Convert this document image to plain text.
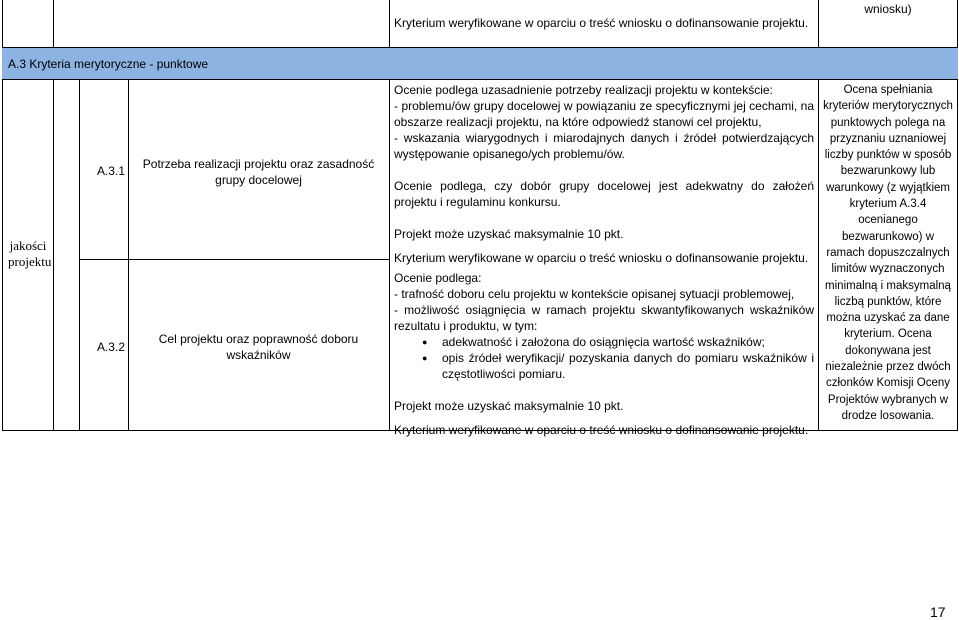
Kryterium weryfikowane w oparciu o treść wniosku o dofinansowanie projektu.
wniosku)
A.3 Kryteria merytoryczne - punktowe
jakości projektu
A.3.1	Potrzeba realizacji projektu oraz zasadność grupy docelowej
A.3.2
Cel projektu oraz poprawność doboru wskaźników
Ocenie podlega uzasadnienie potrzeby realizacji projektu w kontekście:
- problemu/ów grupy docelowej w powiązaniu ze specyficznymi jej cechami, na obszarze realizacji projektu, na które odpowiedź stanowi cel projektu,
- wskazania wiarygodnych i miarodajnych danych i źródeł potwierdzających występowanie opisanego/ych problemu/ów.
Ocenie podlega, czy dobór grupy docelowej jest adekwatny do założeń projektu i regulaminu konkursu.
Projekt może uzyskać maksymalnie 10 pkt.
Kryterium weryfikowane w oparciu o treść wniosku o dofinansowanie projektu.
Ocenie podlega:
- trafność doboru celu projektu w kontekście opisanej sytuacji problemowej,
- możliwość osiągnięcia w ramach projektu skwantyfikowanych wskaźników rezultatu i produktu, w tym:
● adekwatność i założona do osiągnięcia wartość wskaźników;
● opis źródeł weryfikacji/ pozyskania danych do pomiaru wskaźników i częstotliwości pomiaru.
Projekt może uzyskać maksymalnie 10 pkt.
Kryterium weryfikowane w oparciu o treść wniosku o dofinansowanie projektu.
Ocena spełniania kryteriów merytorycznych punktowych polega na przyznaniu uznaniowej liczby punktów w sposób bezwarunkowy lub warunkowy (z wyjątkiem kryterium A.3.4 ocenianego bezwarunkowo) w ramach dopuszczalnych limitów wyznaczonych minimalną i maksymalną liczbą punktów, które można uzyskać za dane kryterium. Ocena dokonywana jest niezależnie przez dwóch członków Komisji Oceny Projektów wybranych w drodze losowania.
17
